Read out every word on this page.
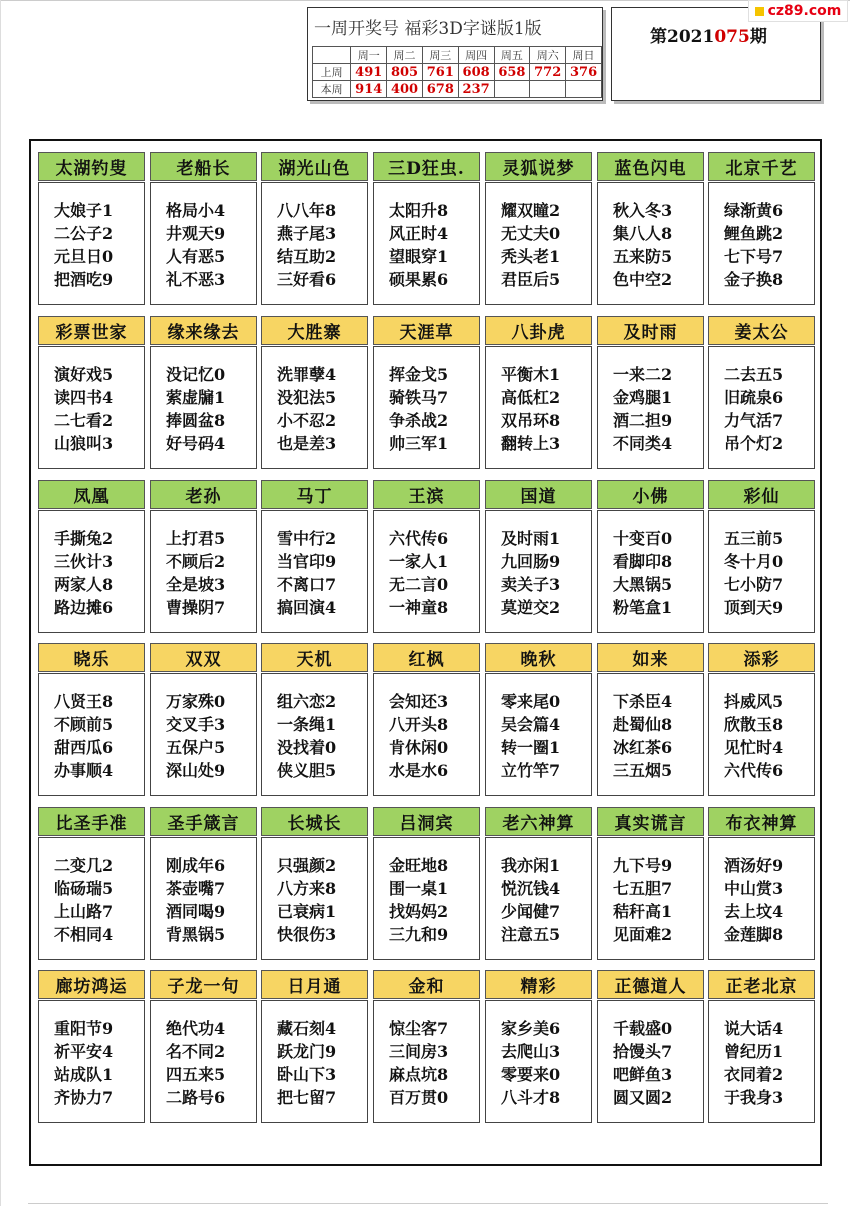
一周开奖号 福彩3D字谜版1版
	周一	周二	周三	周四	周五	周六	周日
上周	491	805	761	608	658	772	376
本周	914	400	678	237			
第2021075期
cz89.com
太湖钓叟
大娘子1
二公子2
元旦日0
把酒吃9
老船长
格局小4
井观天9
人有恶5
礼不恶3
湖光山色
八八年8
燕子尾3
结互助2
三好看6
三D狂虫.
太阳升8
风正时4
望眼穿1
硕果累6
灵狐说梦
耀双瞳2
无丈夫0
秃头老1
君臣后5
蓝色闪电
秋入冬3
集八人8
五来防5
色中空2
北京千艺
绿渐黄6
鲤鱼跳2
七下号7
金子换8
彩票世家
演好戏5
读四书4
二七看2
山狼叫3
缘来缘去
没记忆0
萦虚牖1
捧圆盆8
好号码4
大胜寨
洗罪孽4
没犯法5
小不忍2
也是差3
天涯草
挥金戈5
骑铁马7
争杀战2
帅三军1
八卦虎
平衡木1
高低杠2
双吊环8
翻转上3
及时雨
一来二2
金鸡腿1
酒二担9
不同类4
姜太公
二去五5
旧疏泉6
力气活7
吊个灯2
凤凰
手撕兔2
三伙计3
两家人8
路边摊6
老孙
上打君5
不顾后2
全是坡3
曹操阴7
马丁
雪中行2
当官印9
不离口7
搞回演4
王滨
六代传6
一家人1
无二言0
一神童8
国道
及时雨1
九回肠9
卖关子3
莫逆交2
小佛
十变百0
看脚印8
大黑锅5
粉笔盒1
彩仙
五三前5
冬十月0
七小防7
顶到天9
晓乐
八贤王8
不顾前5
甜西瓜6
办事顺4
双双
万家殊0
交叉手3
五保户5
深山处9
天机
组六恋2
一条绳1
没找着0
侠义胆5
红枫
会知还3
八开头8
肯休闲0
水是水6
晚秋
零来尾0
吴会篇4
转一圈1
立竹竿7
如来
下杀臣4
赴蜀仙8
冰红茶6
三五烟5
添彩
抖威风5
欣散玉8
见忙时4
六代传6
比圣手准
二变几2
临砀瑞5
上山路7
不相同4
圣手箴言
刚成年6
茶壶嘴7
酒同喝9
背黑锅5
长城长
只强颜2
八方来8
已衰病1
快很伤3
吕洞宾
金旺地8
围一桌1
找妈妈2
三九和9
老六神算
我亦闲1
悦沉钱4
少闻健7
注意五5
真实谎言
九下号9
七五胆7
秸秆高1
见面难2
布衣神算
酒汤好9
中山赏3
去上坟4
金莲脚8
廊坊鸿运
重阳节9
祈平安4
站成队1
齐协力7
子龙一句
绝代功4
名不同2
四五来5
二路号6
日月通
藏石刻4
跃龙门9
卧山下3
把七留7
金和
惊尘客7
三间房3
麻点坑8
百万贯0
精彩
家乡美6
去爬山3
零要来0
八斗才8
正德道人
千载盛0
拾馒头7
吧鲜鱼3
圆又圆2
正老北京
说大话4
曾纪历1
衣同着2
于我身3
